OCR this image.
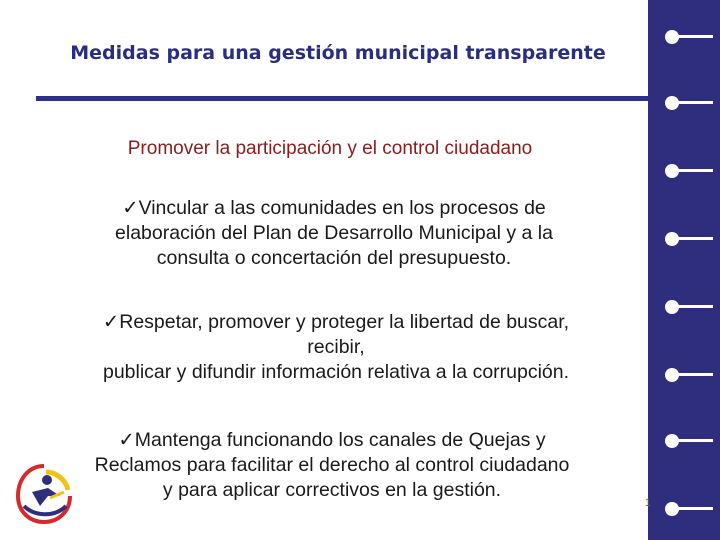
Medidas para una gestión municipal transparente
Promover la participación y el control ciudadano
✓Vincular a las comunidades en los procesos de
elaboración del Plan de Desarrollo Municipal y a la
consulta o concertación del presupuesto.
✓Respetar, promover y proteger la libertad de buscar,
recibir,
publicar y difundir información relativa a la corrupción.
✓Mantenga funcionando los canales de Quejas y
Reclamos para facilitar el derecho al control ciudadano
y para aplicar correctivos en la gestión.
1
